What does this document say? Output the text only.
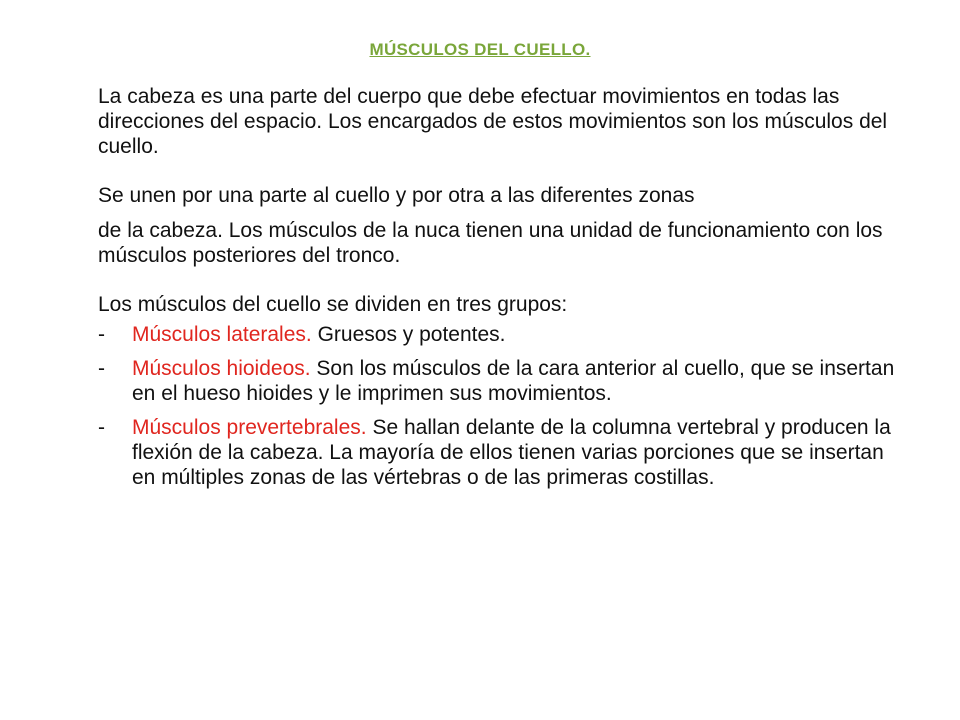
MÚSCULOS DEL CUELLO.

La cabeza es una parte del cuerpo que debe efectuar movimientos en todas las direcciones del espacio. Los encargados de estos movimientos son los músculos del cuello.

Se unen por una parte al cuello y por otra a las diferentes zonas

de la cabeza. Los músculos de la nuca tienen una unidad de funcionamiento con los músculos posteriores del tronco.

Los músculos del cuello se dividen en tres grupos:

- Músculos laterales. Gruesos y potentes.
- Músculos hioideos. Son los músculos de la cara anterior al cuello, que se insertan en el hueso hioides y le imprimen sus movimientos.
- Músculos prevertebrales. Se hallan delante de la columna vertebral y producen la flexión de la cabeza. La mayoría de ellos tienen varias porciones que se insertan en múltiples zonas de las vértebras o de las primeras costillas.
